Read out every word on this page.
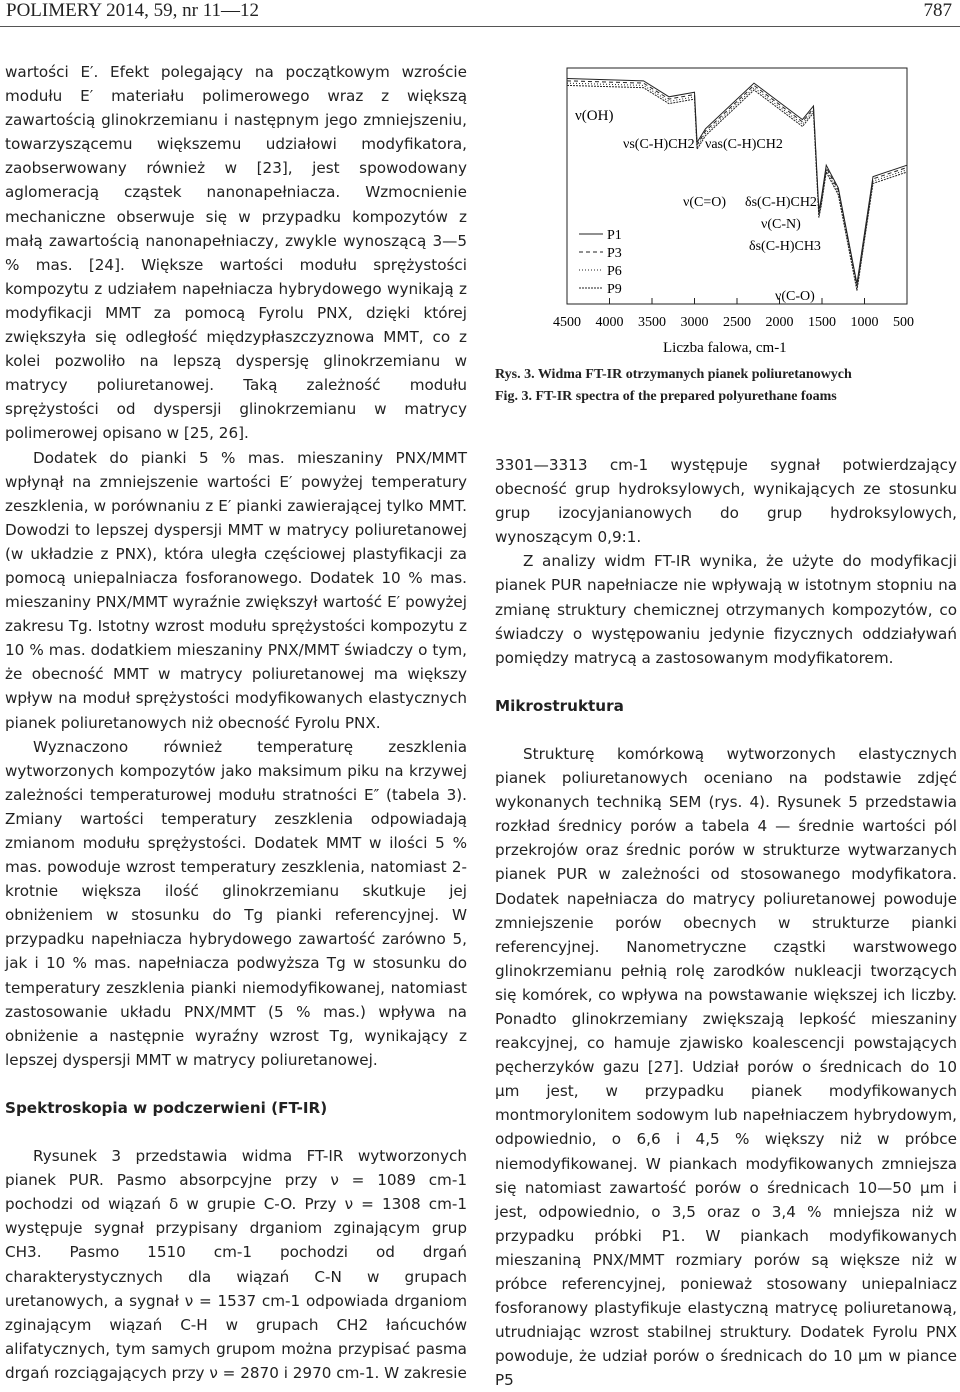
POLIMERY 2014, 59, nr 11—12	787

wartości E′. Efekt polegający na początkowym wzroście modułu E′ materiału polimerowego wraz z większą zawartością glinokrzemianu i następnym jego zmniejszeniu, towarzyszącemu większemu udziałowi modyfikatora, zaobserwowany również w [23], jest spowodowany aglomeracją cząstek nanonapełniacza. Wzmocnienie mechaniczne obserwuje się w przypadku kompozytów z małą zawartością nanonapełniaczy, zwykle wynoszącą 3—5 % mas. [24]. Większe wartości modułu sprężystości kompozytu z udziałem napełniacza hybrydowego wynikają z modyfikacji MMT za pomocą Fyrolu PNX, dzięki której zwiększyła się odległość międzypłaszczyznowa MMT, co z kolei pozwoliło na lepszą dyspersję glinokrzemianu w matrycy poliuretanowej. Taką zależność modułu sprężystości od dyspersji glinokrzemianu w matrycy polimerowej opisano w [25, 26].

Dodatek do pianki 5 % mas. mieszaniny PNX/MMT wpłynął na zmniejszenie wartości E′ powyżej temperatury zeszklenia, w porównaniu z E′ pianki zawierającej tylko MMT. Dowodzi to lepszej dyspersji MMT w matrycy poliuretanowej (w układzie z PNX), która uległa częściowej plastyfikacji za pomocą uniepalniacza fosforanowego. Dodatek 10 % mas. mieszaniny PNX/MMT wyraźnie zwiększył wartość E′ powyżej zakresu Tg. Istotny wzrost modułu sprężystości kompozytu z 10 % mas. dodatkiem mieszaniny PNX/MMT świadczy o tym, że obecność MMT w matrycy poliuretanowej ma większy wpływ na moduł sprężystości modyfikowanych elastycznych pianek poliuretanowych niż obecność Fyrolu PNX.

Wyznaczono również temperaturę zeszklenia wytworzonych kompozytów jako maksimum piku na krzywej zależności temperaturowej modułu stratności E″ (tabela 3). Zmiany wartości temperatury zeszklenia odpowiadają zmianom modułu sprężystości. Dodatek MMT w ilości 5 % mas. powoduje wzrost temperatury zeszklenia, natomiast 2-krotnie większa ilość glinokrzemianu skutkuje jej obniżeniem w stosunku do Tg pianki referencyjnej. W przypadku napełniacza hybrydowego zawartość zarówno 5, jak i 10 % mas. napełniacza podwyższa Tg w stosunku do temperatury zeszklenia pianki niemodyfikowanej, natomiast zastosowanie układu PNX/MMT (5 % mas.) wpływa na obniżenie a następnie wyraźny wzrost Tg, wynikający z lepszej dyspersji MMT w matrycy poliuretanowej.

Spektroskopia w podczerwieni (FT-IR)

Rysunek 3 przedstawia widma FT-IR wytworzonych pianek PUR. Pasmo absorpcyjne przy ν = 1089 cm-1 pochodzi od wiązań δ w grupie C-O. Przy ν = 1308 cm-1 występuje sygnał przypisany drganiom zginającym grup CH3. Pasmo 1510 cm-1 pochodzi od drgań charakterystycznych dla wiązań C-N w grupach uretanowych, a sygnał ν = 1537 cm-1 odpowiada drganiom zginającym wiązań C-H w grupach CH2 łańcuchów alifatycznych, tym samych grupom można przypisać pasma drgań rozciągających przy ν = 2870 i 2970 cm-1. W zakresie

4500 4000 3500 3000 2500 2000 1500 1000 500
Liczba falowa, cm-1
ν(OH)
νs(C-H)CH2 νas(C-H)CH2
ν(C=O) δs(C-H)CH2
ν(C-N)
δs(C-H)CH3
ν(C-O)
P1
P3
P6
P9
Rys. 3. Widma FT-IR otrzymanych pianek poliuretanowych
Fig. 3. FT-IR spectra of the prepared polyurethane foams

3301—3313 cm-1 występuje sygnał potwierdzający obecność grup hydroksylowych, wynikających ze stosunku grup izocyjanianowych do grup hydroksylowych, wynoszącym 0,9:1.

Z analizy widm FT-IR wynika, że użyte do modyfikacji pianek PUR napełniacze nie wpływają w istotnym stopniu na zmianę struktury chemicznej otrzymanych kompozytów, co świadczy o występowaniu jedynie fizycznych oddziaływań pomiędzy matrycą a zastosowanym modyfikatorem.

Mikrostruktura

Strukturę komórkową wytworzonych elastycznych pianek poliuretanowych oceniano na podstawie zdjęć wykonanych techniką SEM (rys. 4). Rysunek 5 przedstawia rozkład średnicy porów a tabela 4 — średnie wartości pól przekrojów oraz średnic porów w strukturze wytwarzanych pianek PUR w zależności od stosowanego modyfikatora. Dodatek napełniacza do matrycy poliuretanowej powoduje zmniejszenie porów obecnych w strukturze pianki referencyjnej. Nanometryczne cząstki warstwowego glinokrzemianu pełnią rolę zarodków nukleacji tworzących się komórek, co wpływa na powstawanie większej ich liczby. Ponadto glinokrzemiany zwiększają lepkość mieszaniny reakcyjnej, co hamuje zjawisko koalescencji powstających pęcherzyków gazu [27]. Udział porów o średnicach do 10 µm jest, w przypadku pianek modyfikowanych montmorylonitem sodowym lub napełniaczem hybrydowym, odpowiednio, o 6,6 i 4,5 % większy niż w próbce niemodyfikowanej. W piankach modyfikowanych zmniejsza się natomiast zawartość porów o średnicach 10—50 µm i jest, odpowiednio, o 3,5 oraz o 3,4 % mniejsza niż w przypadku próbki P1. W piankach modyfikowanych mieszaniną PNX/MMT rozmiary porów są większe niż w próbce referencyjnej, ponieważ stosowany uniepalniacz fosforanowy plastyfikuje elastyczną matrycę poliuretanową, utrudniając wzrost stabilnej struktury. Dodatek Fyrolu PNX powoduje, że udział porów o średnicach do 10 µm w piance P5
